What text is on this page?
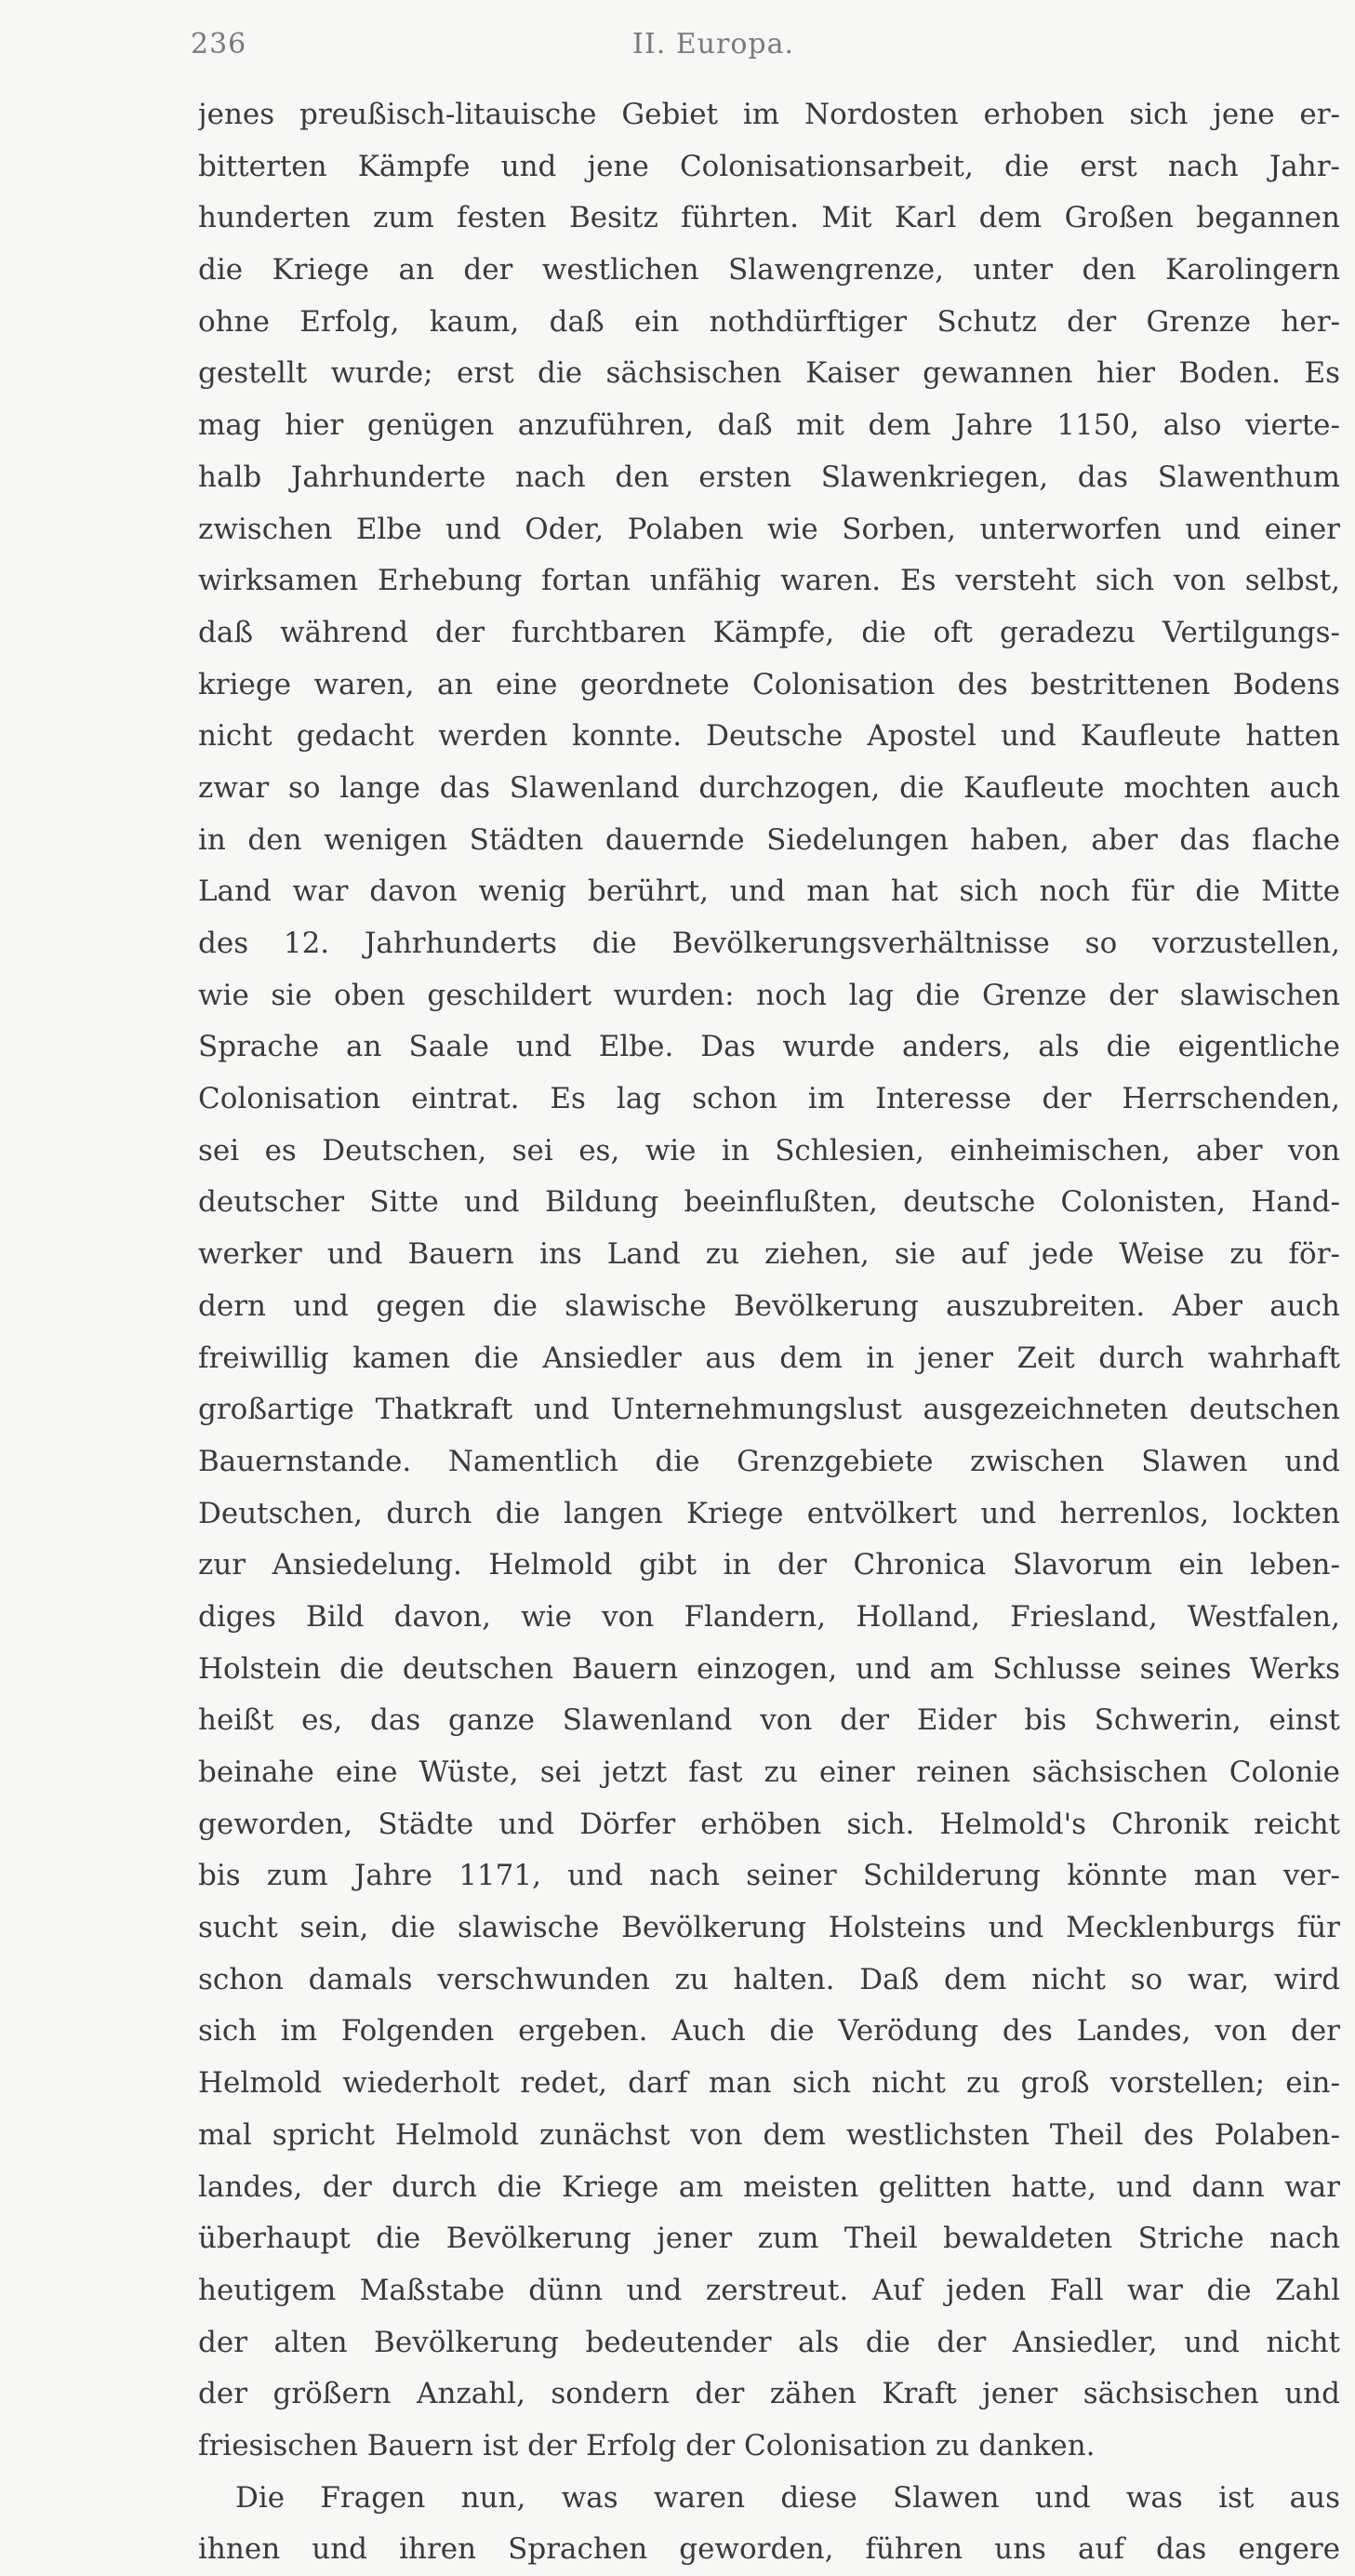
236	II. Europa.
jenes preußisch-litauische Gebiet im Nordosten erhoben sich jene er-
bitterten Kämpfe und jene Colonisationsarbeit, die erst nach Jahr-
hunderten zum festen Besitz führten. Mit Karl dem Großen begannen
die Kriege an der westlichen Slawengrenze, unter den Karolingern
ohne Erfolg, kaum, daß ein nothdürftiger Schutz der Grenze her-
gestellt wurde; erst die sächsischen Kaiser gewannen hier Boden. Es
mag hier genügen anzuführen, daß mit dem Jahre 1150, also vierte-
halb Jahrhunderte nach den ersten Slawenkriegen, das Slawenthum
zwischen Elbe und Oder, Polaben wie Sorben, unterworfen und einer
wirksamen Erhebung fortan unfähig waren. Es versteht sich von selbst,
daß während der furchtbaren Kämpfe, die oft geradezu Vertilgungs-
kriege waren, an eine geordnete Colonisation des bestrittenen Bodens
nicht gedacht werden konnte. Deutsche Apostel und Kaufleute hatten
zwar so lange das Slawenland durchzogen, die Kaufleute mochten auch
in den wenigen Städten dauernde Siedelungen haben, aber das flache
Land war davon wenig berührt, und man hat sich noch für die Mitte
des 12. Jahrhunderts die Bevölkerungsverhältnisse so vorzustellen,
wie sie oben geschildert wurden: noch lag die Grenze der slawischen
Sprache an Saale und Elbe. Das wurde anders, als die eigentliche
Colonisation eintrat. Es lag schon im Interesse der Herrschenden,
sei es Deutschen, sei es, wie in Schlesien, einheimischen, aber von
deutscher Sitte und Bildung beeinflußten, deutsche Colonisten, Hand-
werker und Bauern ins Land zu ziehen, sie auf jede Weise zu för-
dern und gegen die slawische Bevölkerung auszubreiten. Aber auch
freiwillig kamen die Ansiedler aus dem in jener Zeit durch wahrhaft
großartige Thatkraft und Unternehmungslust ausgezeichneten deutschen
Bauernstande. Namentlich die Grenzgebiete zwischen Slawen und
Deutschen, durch die langen Kriege entvölkert und herrenlos, lockten
zur Ansiedelung. Helmold gibt in der Chronica Slavorum ein leben-
diges Bild davon, wie von Flandern, Holland, Friesland, Westfalen,
Holstein die deutschen Bauern einzogen, und am Schlusse seines Werks
heißt es, das ganze Slawenland von der Eider bis Schwerin, einst
beinahe eine Wüste, sei jetzt fast zu einer reinen sächsischen Colonie
geworden, Städte und Dörfer erhöben sich. Helmold's Chronik reicht
bis zum Jahre 1171, und nach seiner Schilderung könnte man ver-
sucht sein, die slawische Bevölkerung Holsteins und Mecklenburgs für
schon damals verschwunden zu halten. Daß dem nicht so war, wird
sich im Folgenden ergeben. Auch die Verödung des Landes, von der
Helmold wiederholt redet, darf man sich nicht zu groß vorstellen; ein-
mal spricht Helmold zunächst von dem westlichsten Theil des Polaben-
landes, der durch die Kriege am meisten gelitten hatte, und dann war
überhaupt die Bevölkerung jener zum Theil bewaldeten Striche nach
heutigem Maßstabe dünn und zerstreut. Auf jeden Fall war die Zahl
der alten Bevölkerung bedeutender als die der Ansiedler, und nicht
der größern Anzahl, sondern der zähen Kraft jener sächsischen und
friesischen Bauern ist der Erfolg der Colonisation zu danken.
Die Fragen nun, was waren diese Slawen und was ist aus
ihnen und ihren Sprachen geworden, führen uns auf das engere
